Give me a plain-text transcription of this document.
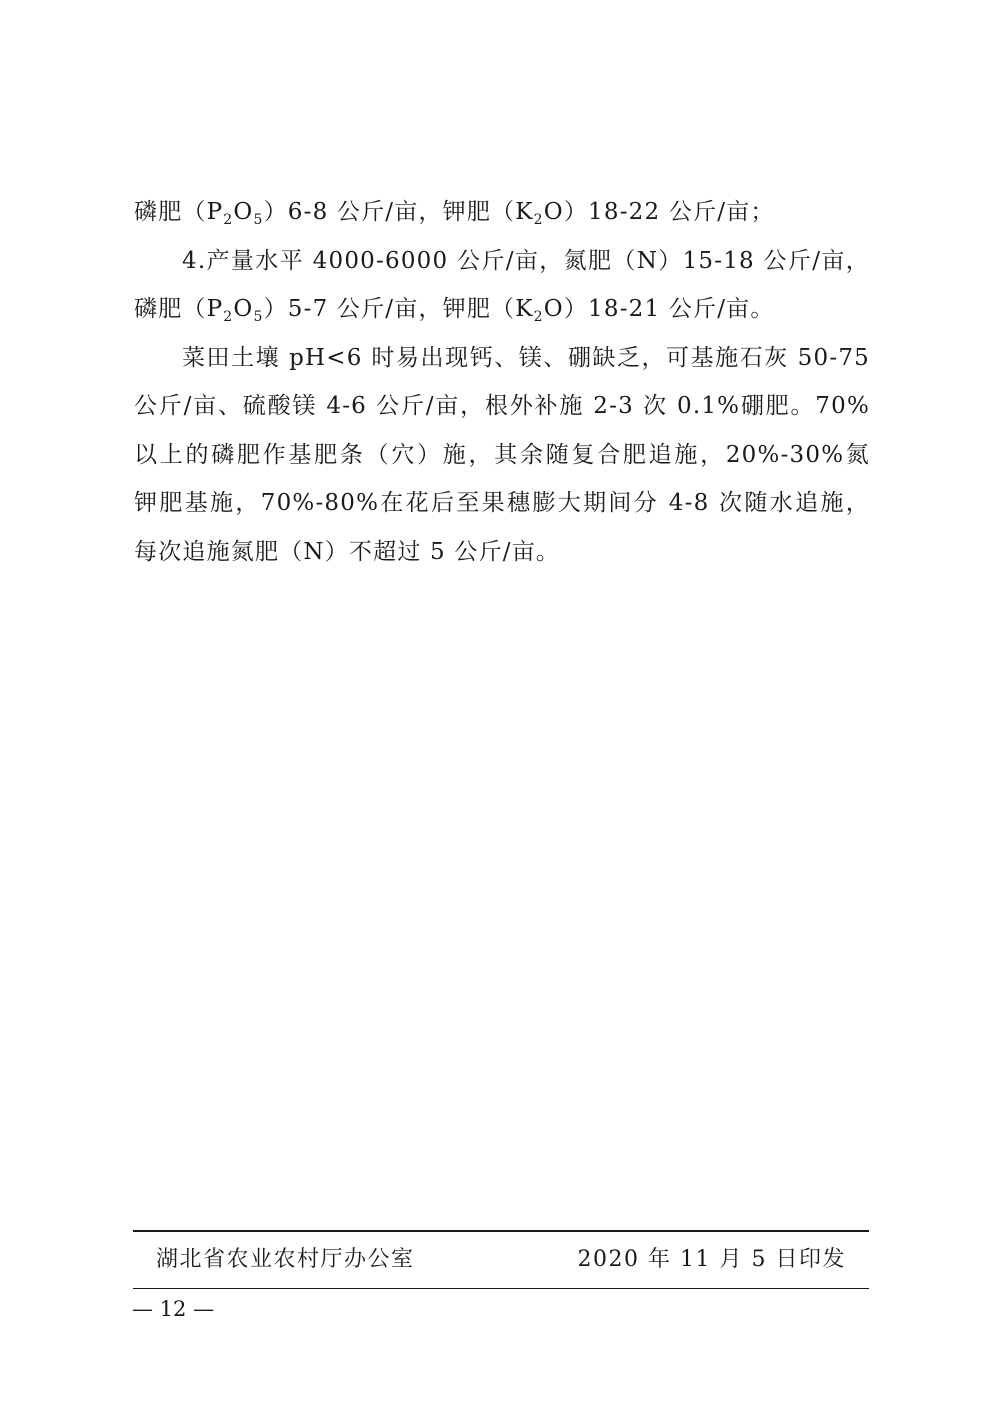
磷肥$(P_2O_5)6-8$ 公斤/亩，钾肥$(K_2O)18-22$ 公斤/亩；
4.产量水平 4000-6000 公斤/亩，氮肥（N）15-18 公斤/亩，
磷肥$(P_2O_5)5-7$ 公斤/亩，钾肥$(K_2O)18-21$ 公斤/亩。
菜田土壤 pH<6 时易出现钙、镁、硼缺乏，可基施石灰 50-75
公斤/亩、硫酸镁 4-6 公斤/亩，根外补施 2-3 次 0.1%硼肥。70%
以上的磷肥作基肥条（穴）施，其余随复合肥追施，20%-30%氮
钾肥基施，70%-80%在花后至果穗膨大期间分 4-8 次随水追施，
每次追施氮肥（N）不超过 5 公斤/亩。
湖北省农业农村厅办公室	2020 年 11 月 5 日印发
— 12 —
